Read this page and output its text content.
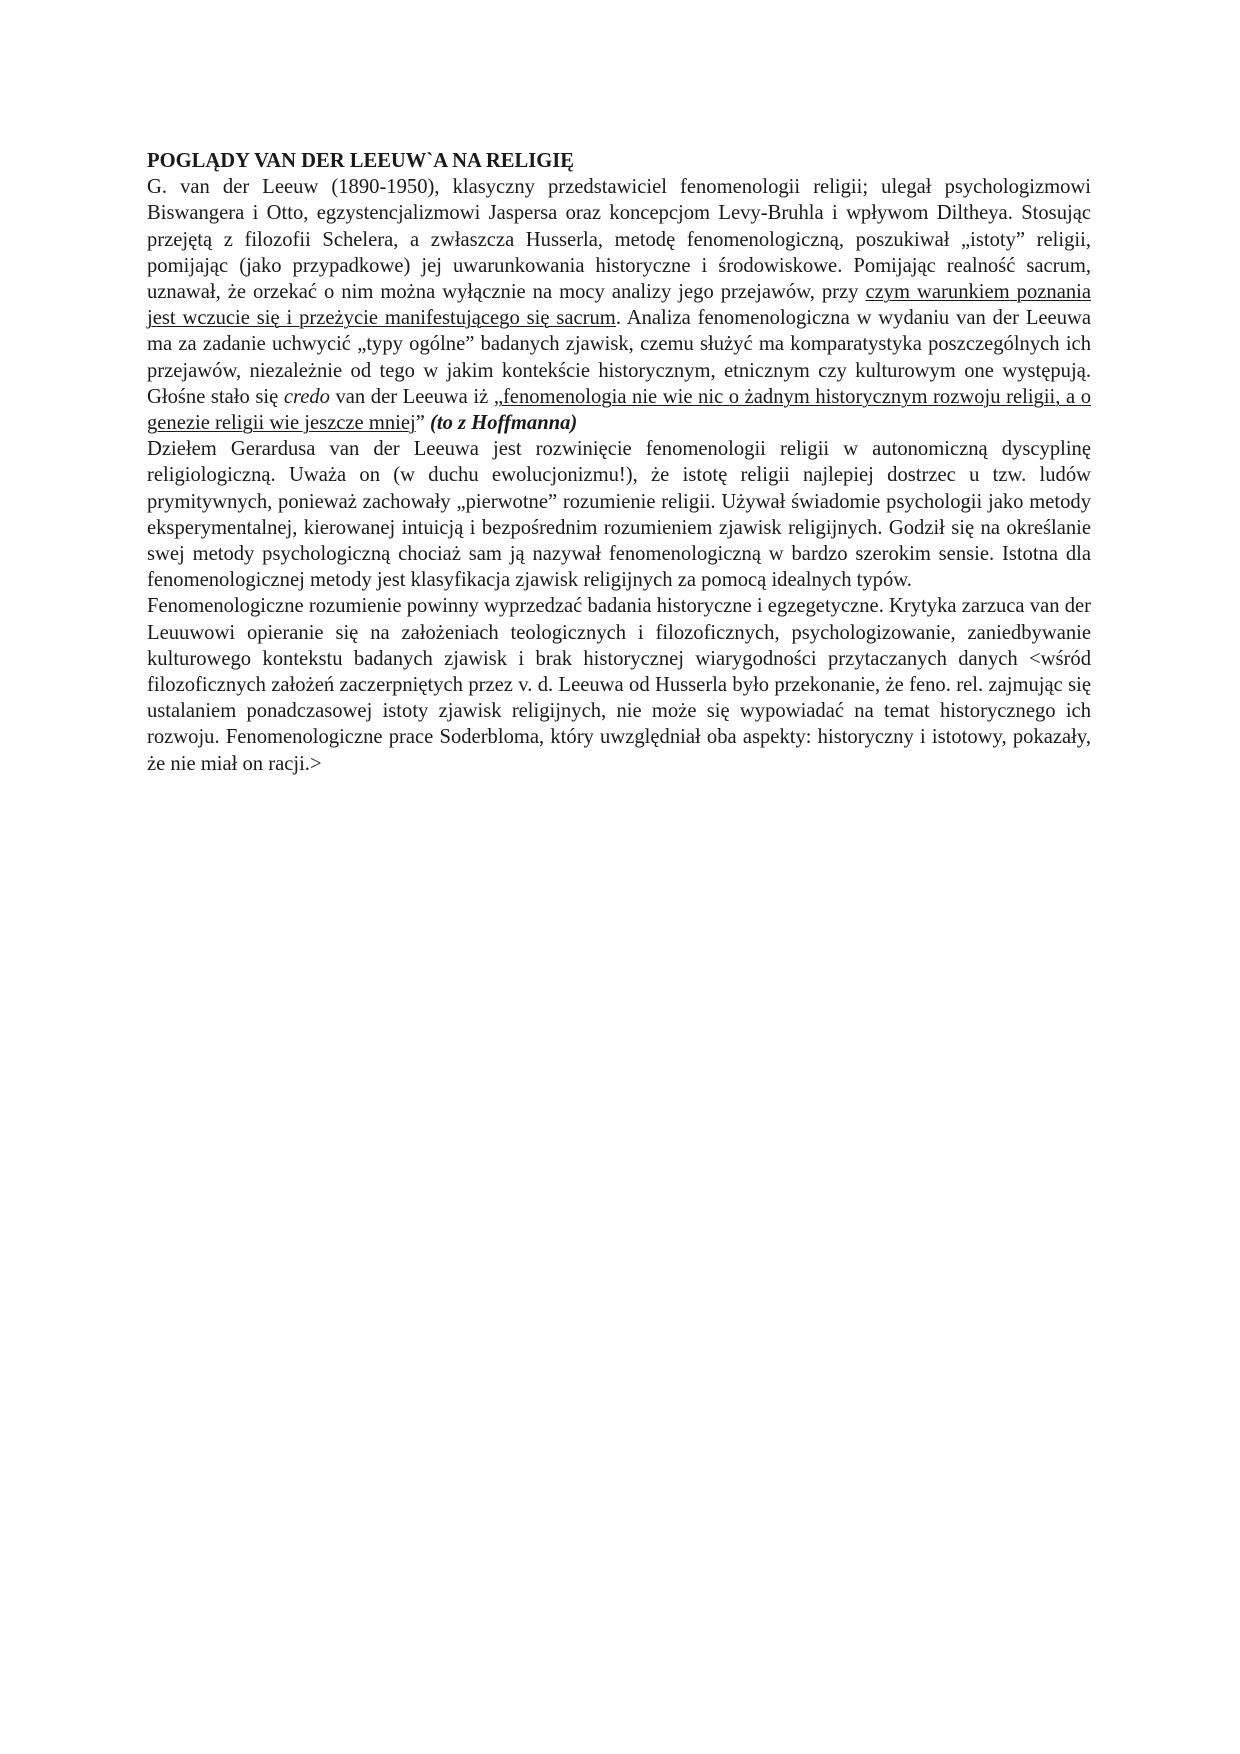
POGLĄDY VAN DER LEEUW`A NA RELIGIĘ

G. van der Leeuw (1890-1950), klasyczny przedstawiciel fenomenologii religii; ulegał psychologizmowi Biswangera i Otto, egzystencjalizmowi Jaspersa oraz koncepcjom Levy-Bruhla i wpływom Diltheya. Stosując przejętą z filozofii Schelera, a zwłaszcza Husserla, metodę fenomenologiczną, poszukiwał „istoty” religii, pomijając (jako przypadkowe) jej uwarunkowania historyczne i środowiskowe. Pomijając realność sacrum, uznawał, że orzekać o nim można wyłącznie na mocy analizy jego przejawów, przy czym warunkiem poznania jest wczucie się i przeżycie manifestującego się sacrum. Analiza fenomenologiczna w wydaniu van der Leeuwa ma za zadanie uchwycić „typy ogólne” badanych zjawisk, czemu służyć ma komparatystyka poszczególnych ich przejawów, niezależnie od tego w jakim kontekście historycznym, etnicznym czy kulturowym one występują. Głośne stało się credo van der Leeuwa iż „fenomenologia nie wie nic o żadnym historycznym rozwoju religii, a o genezie religii wie jeszcze mniej” (to z Hoffmanna)

Dziełem Gerardusa van der Leeuwa jest rozwinięcie fenomenologii religii w autonomiczną dyscyplinę religiologiczną. Uważa on (w duchu ewolucjonizmu!), że istotę religii najlepiej dostrzec u tzw. ludów prymitywnych, ponieważ zachowały „pierwotne” rozumienie religii. Używał świadomie psychologii jako metody eksperymentalnej, kierowanej intuicją i bezpośrednim rozumieniem zjawisk religijnych. Godził się na określanie swej metody psychologiczną chociaż sam ją nazywał fenomenologiczną w bardzo szerokim sensie. Istotna dla fenomenologicznej metody jest klasyfikacja zjawisk religijnych za pomocą idealnych typów.

Fenomenologiczne rozumienie powinny wyprzedzać badania historyczne i egzegetyczne. Krytyka zarzuca van der Leuuwowi opieranie się na założeniach teologicznych i filozoficznych, psychologizowanie, zaniedbywanie kulturowego kontekstu badanych zjawisk i brak historycznej wiarygodności przytaczanych danych <wśród filozoficznych założeń zaczerpniętych przez v. d. Leeuwa od Husserla było przekonanie, że feno. rel. zajmując się ustalaniem ponadczasowej istoty zjawisk religijnych, nie może się wypowiadać na temat historycznego ich rozwoju. Fenomenologiczne prace Soderbloma, który uwzględniał oba aspekty: historyczny i istotowy, pokazały, że nie miał on racji.>
